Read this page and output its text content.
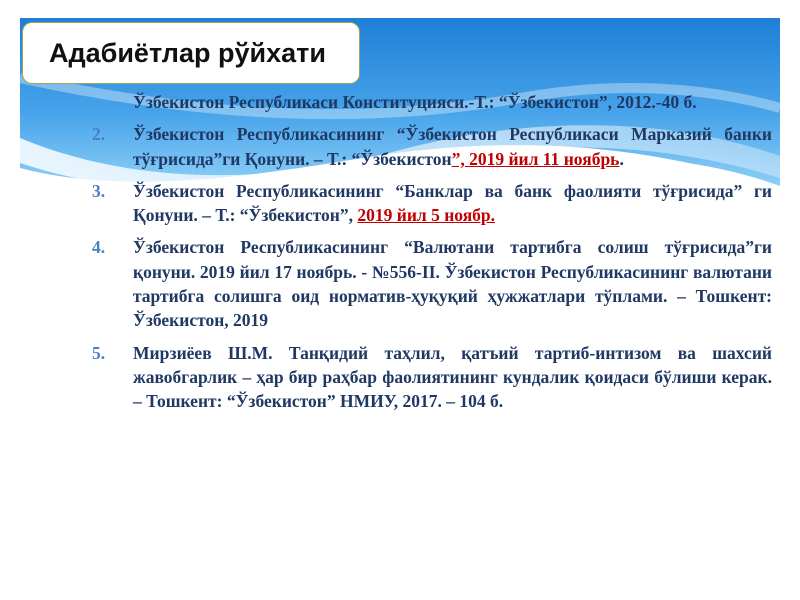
Адабиётлар рўйхати
Ўзбекистон Республикаси Конституцияси.-Т.: “Ўзбекистон”, 2012.-40 б.
2.	Ўзбекистон Республикасининг “Ўзбекистон Республикаси Марказий банки тўғрисида”ги Қонуни. – Т.: “Ўзбекистон”, 2019 йил 11 ноябрь.
3.	Ўзбекистон Республикасининг “Банклар ва банк фаолияти тўғрисида” ги Қонуни. – Т.: “Ўзбекистон”, 2019 йил 5 ноябр.
4.	Ўзбекистон Республикасининг “Валютани тартибга солиш тўғрисида”ги қонуни. 2019 йил 17 ноябрь. - №556-II. Ўзбекистон Республикасининг валютани тартибга солишга оид норматив-ҳуқуқий ҳужжатлари тўплами. – Тошкент: Ўзбекистон, 2019
5.	Мирзиёев Ш.М. Танқидий таҳлил, қатъий тартиб-интизом ва шахсий жавобгарлик – ҳар бир раҳбар фаолиятининг кундалик қоидаси бўлиши керак. – Тошкент: “Ўзбекистон” НМИУ, 2017. – 104 б.
